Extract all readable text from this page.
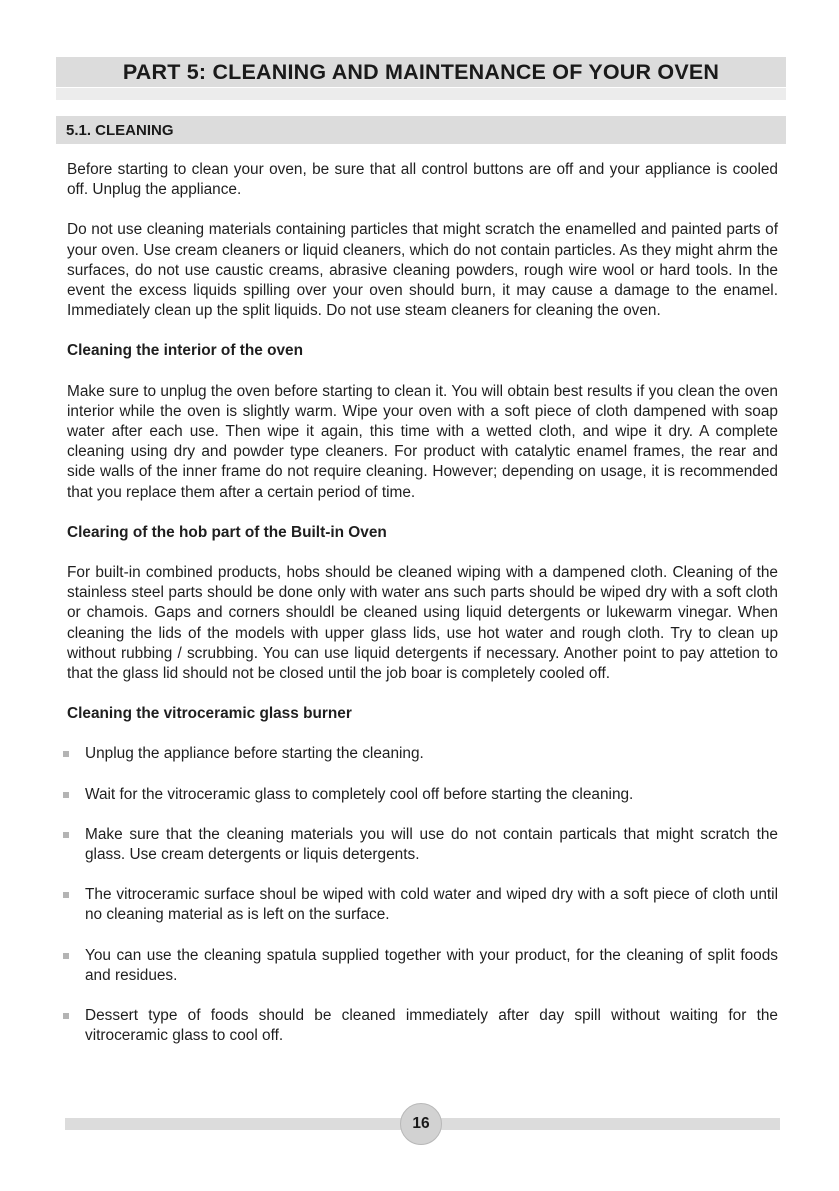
PART 5: CLEANING AND MAINTENANCE OF YOUR OVEN
5.1. CLEANING

Before starting to clean your oven, be sure that all control buttons are off and your appliance is cooled off. Unplug the appliance.

Do not use cleaning materials containing particles that might scratch the enamelled and painted parts of your oven. Use cream cleaners or liquid cleaners, which do not contain particles. As they might ahrm the surfaces, do not use caustic creams, abrasive cleaning powders, rough wire wool or hard tools. In the event the excess liquids spilling over your oven should burn, it may cause a damage to the enamel. Immediately clean up the split liquids. Do not use steam cleaners for cleaning the oven.

Cleaning the interior of the oven

Make sure to unplug the oven before starting to clean it. You will obtain best results if you clean the oven interior while the oven is slightly warm. Wipe your oven with a soft piece of cloth dampened with soap water after each use. Then wipe it again, this time with a wetted cloth, and wipe it dry. A complete cleaning using dry and powder type cleaners. For product with catalytic enamel frames, the rear and side walls of the inner frame do not require cleaning. However; depending on usage, it is recommended that you replace them after a certain period of time.

Clearing of the hob part of the Built-in Oven

For built-in combined products, hobs should be cleaned wiping with a dampened cloth. Cleaning of the stainless steel parts should be done only with water ans such parts should be wiped dry with a soft cloth or chamois. Gaps and corners shouldl be cleaned using liquid detergents or lukewarm vinegar. When cleaning the lids of the models with upper glass lids, use hot water and rough cloth. Try to clean up without rubbing / scrubbing. You can use liquid detergents if necessary. Another point to pay attetion to that the glass lid should not be closed until the job boar is completely cooled off.

Cleaning the vitroceramic glass burner

Unplug the appliance before starting the cleaning.

Wait for the vitroceramic glass to completely cool off before starting the cleaning.

Make sure that the cleaning materials you will use do not contain particals that might scratch the glass. Use cream detergents or liquis detergents.

The vitroceramic surface shoul be wiped with cold water and wiped dry with a soft piece of cloth until no cleaning material as is left on the surface.

You can use the cleaning spatula supplied together with your product, for the cleaning of split foods and residues.

Dessert type of foods should be cleaned immediately after day spill without waiting for the vitroceramic glass to cool off.

16
